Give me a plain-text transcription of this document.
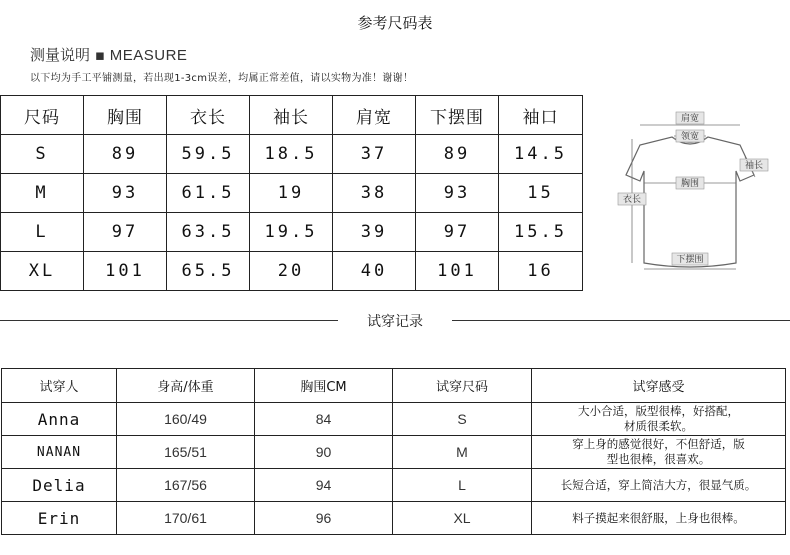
参考尺码表
测量说明 ▪ MEASURE
以下均为手工平铺测量，若出现1-3cm误差，均属正常差值，请以实物为准！谢谢！
尺码	胸围	衣长	袖长	肩宽	下摆围	袖口
S	89	59.5	18.5	37	89	14.5
M	93	61.5	19	38	93	15
L	97	63.5	19.5	39	97	15.5
XL	101	65.5	20	40	101	16
肩宽
领宽
袖长
胸围
衣长
下摆围
试穿记录
试穿人	身高/体重	胸围CM	试穿尺码	试穿感受
Anna	160/49	84	S	大小合适，版型很棒，好搭配，
材质很柔软。
NANAN	165/51	90	M	穿上身的感觉很好，不但舒适，版
型也很棒，很喜欢。
Delia	167/56	94	L	长短合适，穿上简洁大方，很显气质。
Erin	170/61	96	XL	料子摸起来很舒服，上身也很棒。
